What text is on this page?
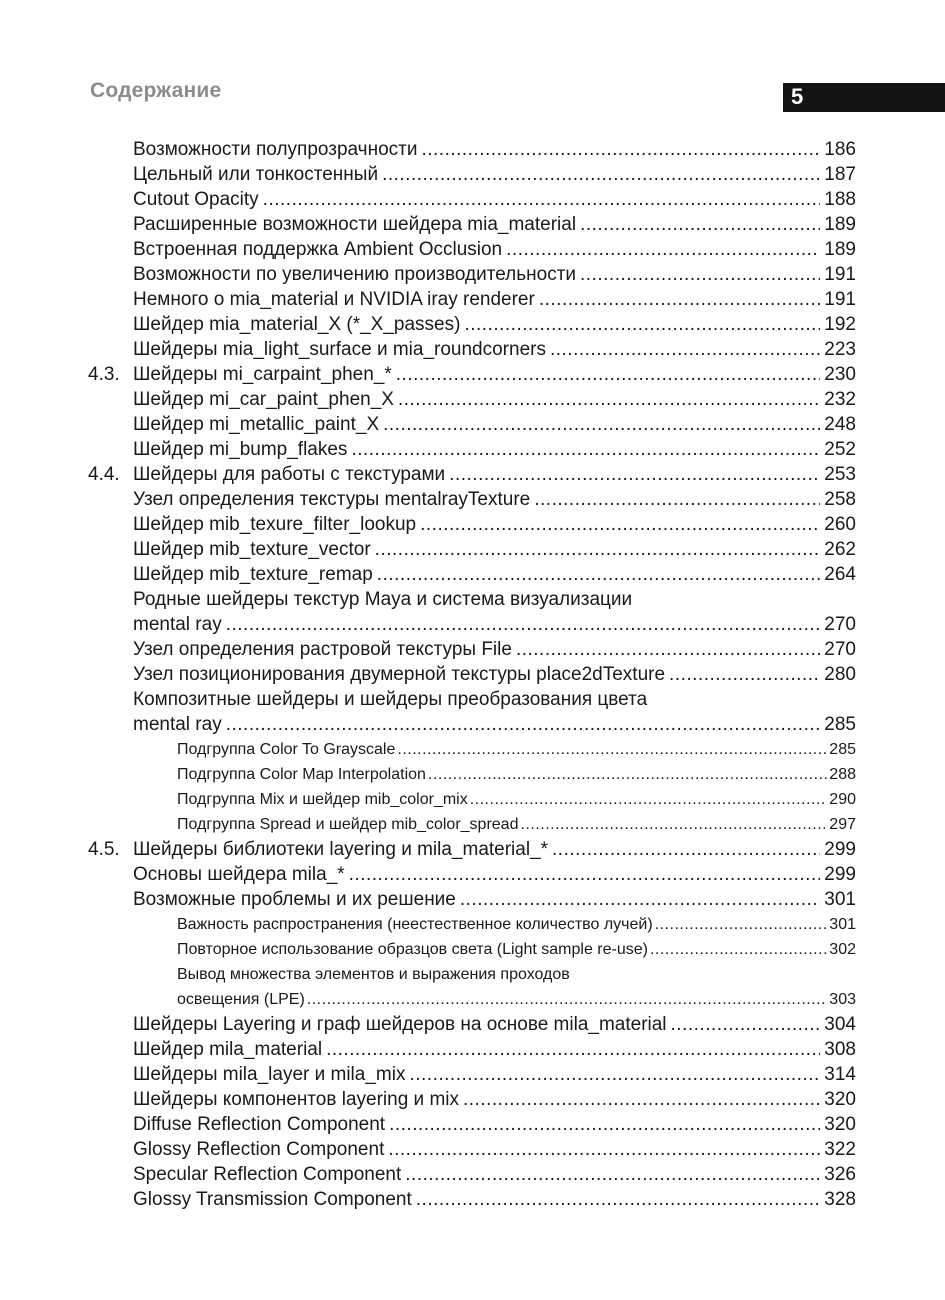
Содержание	5
Возможности полупрозрачности .....	186
Цельный или тонкостенный .....	187
Cutout Opacity .....	188
Расширенные возможности шейдера mia_material .....	189
Встроенная поддержка Ambient Occlusion .....	189
Возможности по увеличению производительности .....	191
Немного о mia_material и NVIDIA iray renderer .....	191
Шейдер mia_material_X (*_X_passes) .....	192
Шейдеры mia_light_surface и mia_roundcorners .....	223
4.3. Шейдеры mi_carpaint_phen_* .....	230
Шейдер mi_car_paint_phen_X .....	232
Шейдер mi_metallic_paint_X .....	248
Шейдер mi_bump_flakes .....	252
4.4. Шейдеры для работы с текстурами .....	253
Узел определения текстуры mentalrayTexture .....	258
Шейдер mib_texure_filter_lookup .....	260
Шейдер mib_texture_vector .....	262
Шейдер mib_texture_remap .....	264
Родные шейдеры текстур Maya и система визуализации
mental ray .....	270
Узел определения растровой текстуры File .....	270
Узел позиционирования двумерной текстуры place2dTexture .....	280
Композитные шейдеры и шейдеры преобразования цвета
mental ray .....	285
Подгруппа Color To Grayscale .....	285
Подгруппа Color Map Interpolation .....	288
Подгруппа Mix и шейдер mib_color_mix .....	290
Подгруппа Spread и шейдер mib_color_spread .....	297
4.5. Шейдеры библиотеки layering и mila_material_* .....	299
Основы шейдера mila_* .....	299
Возможные проблемы и их решение .....	301
Важность распространения (неестественное количество лучей) .....	301
Повторное использование образцов света (Light sample re-use) .....	302
Вывод множества элементов и выражения проходов
освещения (LPE) .....	303
Шейдеры Layering и граф шейдеров на основе mila_material .....	304
Шейдер mila_material .....	308
Шейдеры mila_layer и mila_mix .....	314
Шейдеры компонентов layering и mix .....	320
Diffuse Reflection Component .....	320
Glossy Reflection Component .....	322
Specular Reflection Component .....	326
Glossy Transmission Component .....	328
